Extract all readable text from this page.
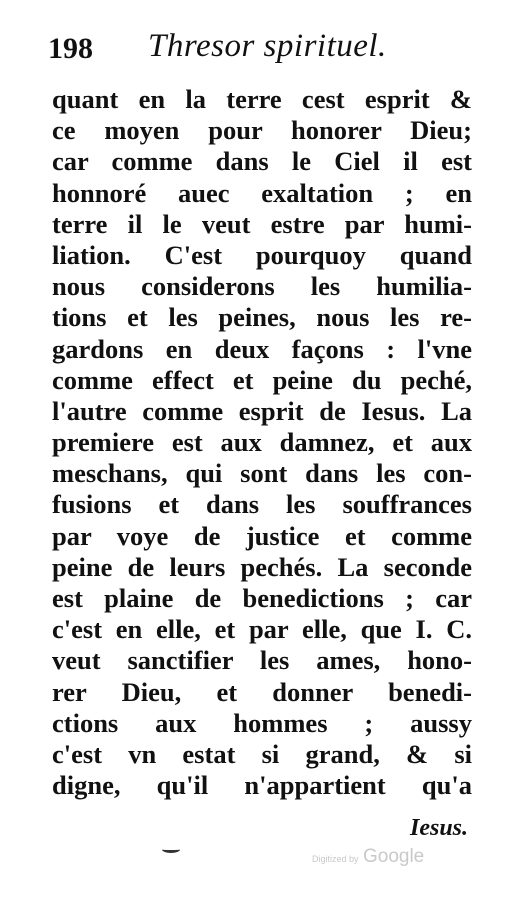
198 Thresor spirituel.
quant en la terre cest esprit &
ce moyen pour honorer Dieu;
car comme dans le Ciel il est
honnoré auec exaltation ; en
terre il le veut estre par humi-
liation. C'est pourquoy quand
nous considerons les humilia-
tions et les peines, nous les re-
gardons en deux façons : l'vne
comme effect et peine du peché,
l'autre comme esprit de Iesus. La
premiere est aux damnez, et aux
meschans, qui sont dans les con-
fusions et dans les souffrances
par voye de justice et comme
peine de leurs pechés. La seconde
est plaine de benedictions ; car
c'est en elle, et par elle, que I. C.
veut sanctifier les ames, hono-
rer Dieu, et donner benedi-
ctions aux hommes ; aussy
c'est vn estat si grand, & si
digne, qu'il n'appartient qu'a
Iesus.
Digitized by Google
